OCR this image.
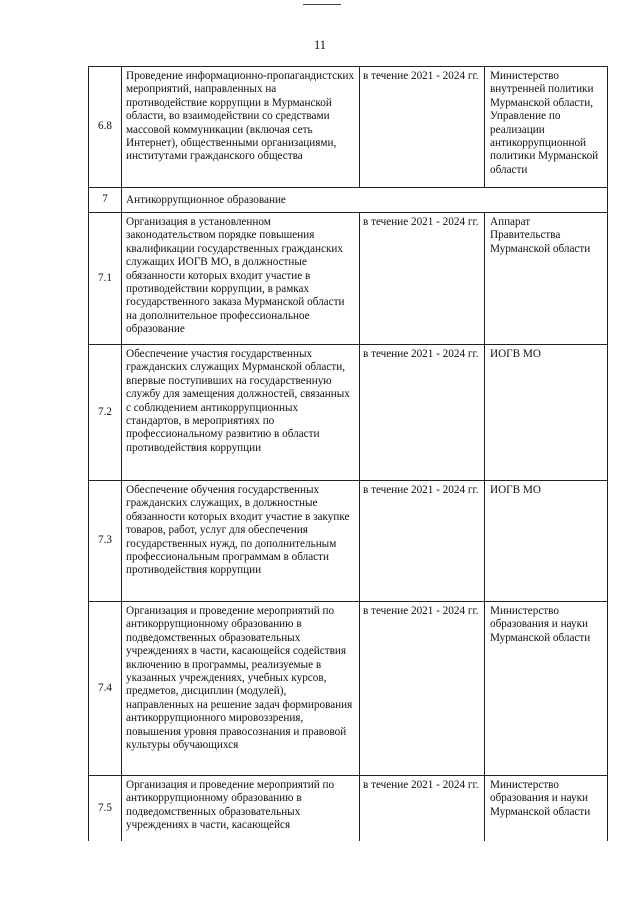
11
6.8	Проведение информационно-пропагандистских мероприятий, направленных на противодействие коррупции в Мурманской области, во взаимодействии со средствами массовой коммуникации (включая сеть Интернет), общественными организациями, институтами гражданского общества	в течение 2021 - 2024 гг.	Министерство внутренней политики Мурманской области, Управление по реализации антикоррупционной политики Мурманской области
7	Антикоррупционное образование		
7.1	Организация в установленном законодательством порядке повышения квалификации государственных гражданских служащих ИОГВ МО, в должностные обязанности которых входит участие в противодействии коррупции, в рамках государственного заказа Мурманской области на дополнительное профессиональное образование	в течение 2021 - 2024 гг.	Аппарат Правительства Мурманской области
7.2	Обеспечение участия государственных гражданских служащих Мурманской области, впервые поступивших на государственную службу для замещения должностей, связанных с соблюдением антикоррупционных стандартов, в мероприятиях по профессиональному развитию в области противодействия коррупции	в течение 2021 - 2024 гг.	ИОГВ МО
7.3	Обеспечение обучения государственных гражданских служащих, в должностные обязанности которых входит участие в закупке товаров, работ, услуг для обеспечения государственных нужд, по дополнительным профессиональным программам в области противодействия коррупции	в течение 2021 - 2024 гг.	ИОГВ МО
7.4	Организация и проведение мероприятий по антикоррупционному образованию в подведомственных образовательных учреждениях в части, касающейся содействия включению в программы, реализуемые в указанных учреждениях, учебных курсов, предметов, дисциплин (модулей), направленных на решение задач формирования антикоррупционного мировоззрения, повышения уровня правосознания и правовой культуры обучающихся	в течение 2021 - 2024 гг.	Министерство образования и науки Мурманской области
7.5	Организация и проведение мероприятий по антикоррупционному образованию в подведомственных образовательных учреждениях в части, касающейся	в течение 2021 - 2024 гг.	Министерство образования и науки Мурманской области
